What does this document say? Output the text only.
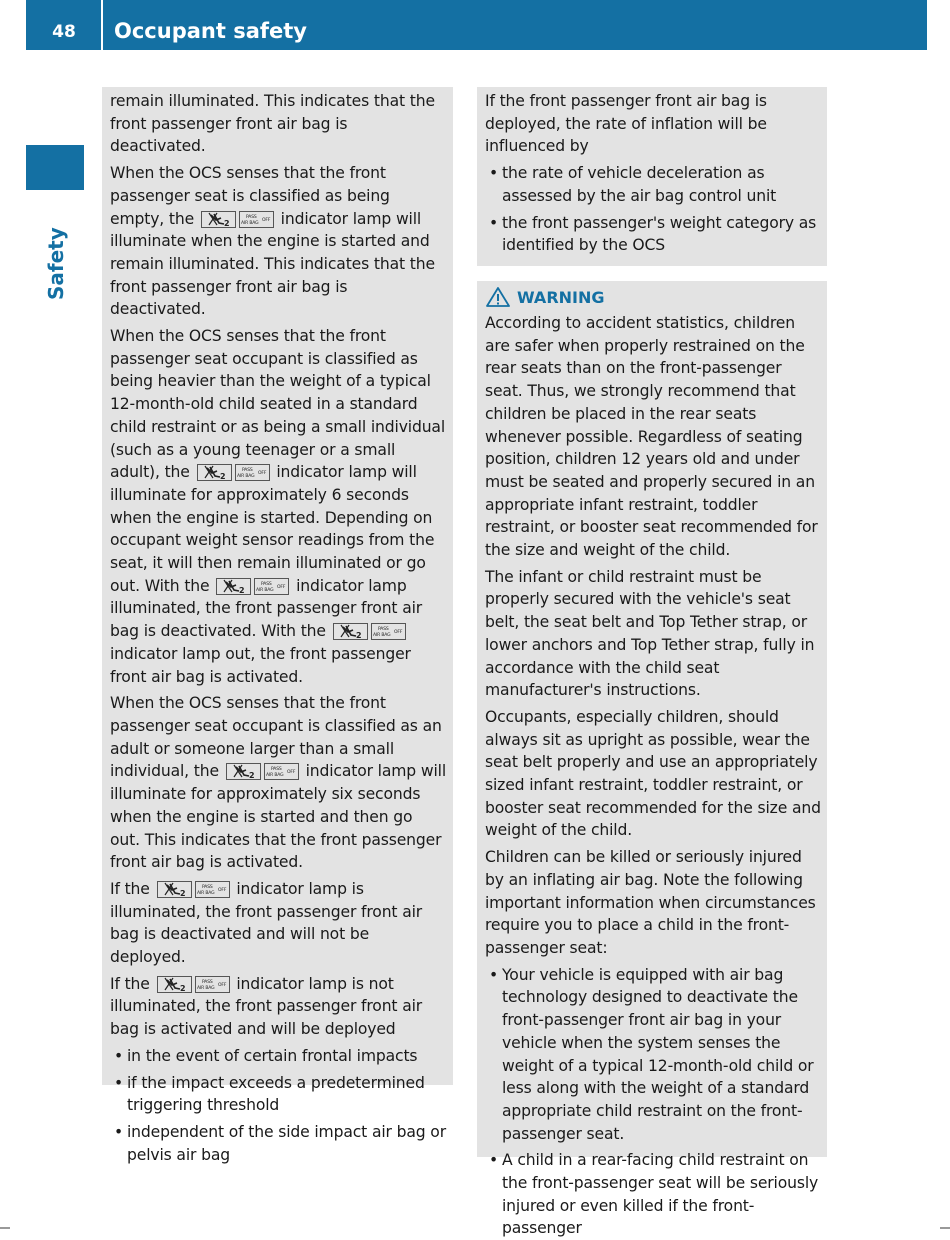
48	Occupant safety
Safety

remain illuminated. This indicates that the front passenger front air bag is deactivated.

When the OCS senses that the front passenger seat is classified as being empty, the	2
PASS
AIR BAG
OFF indicator lamp will illuminate when the engine is started and remain illuminated. This indicates that the front passenger front air bag is deactivated.

When the OCS senses that the front passenger seat occupant is classified as being heavier than the weight of a typical 12-month-old child seated in a standard child restraint or as being a small individual (such as a young teenager or a small adult), the	2
PASS
AIR BAG
OFF indicator lamp will illuminate for approximately 6 seconds when the engine is started. Depending on occupant weight sensor readings from the seat, it will then remain illuminated or go out. With the	2
PASS
AIR BAG
OFF indicator lamp illuminated, the front passenger front air bag is deactivated. With the	2
PASS
AIR BAG
OFF
indicator lamp out, the front passenger front air bag is activated.

When the OCS senses that the front passenger seat occupant is classified as an adult or someone larger than a small individual, the	2
PASS
AIR BAG
OFF indicator lamp will illuminate for approximately six seconds when the engine is started and then go out. This indicates that the front passenger front air bag is activated.

If the	2
PASS
AIR BAG
OFF indicator lamp is illuminated, the front passenger front air bag is deactivated and will not be deployed.

If the	2
PASS
AIR BAG
OFF indicator lamp is not illuminated, the front passenger front air bag is activated and will be deployed

• in the event of certain frontal impacts
• if the impact exceeds a predetermined triggering threshold
• independent of the side impact air bag or pelvis air bag

If the front passenger front air bag is deployed, the rate of inflation will be influenced by

• the rate of vehicle deceleration as assessed by the air bag control unit
• the front passenger's weight category as identified by the OCS
WARNING

According to accident statistics, children are safer when properly restrained on the rear seats than on the front-passenger seat. Thus, we strongly recommend that children be placed in the rear seats whenever possible. Regardless of seating position, children 12 years old and under must be seated and properly secured in an appropriate infant restraint, toddler restraint, or booster seat recommended for the size and weight of the child.

The infant or child restraint must be properly secured with the vehicle's seat belt, the seat belt and Top Tether strap, or lower anchors and Top Tether strap, fully in accordance with the child seat manufacturer's instructions.

Occupants, especially children, should always sit as upright as possible, wear the seat belt properly and use an appropriately sized infant restraint, toddler restraint, or booster seat recommended for the size and weight of the child.

Children can be killed or seriously injured by an inflating air bag. Note the following important information when circumstances require you to place a child in the front-passenger seat:

• Your vehicle is equipped with air bag technology designed to deactivate the front-passenger front air bag in your vehicle when the system senses the weight of a typical 12-month-old child or less along with the weight of a standard appropriate child restraint on the front-passenger seat.
• A child in a rear-facing child restraint on the front-passenger seat will be seriously injured or even killed if the front-passenger
